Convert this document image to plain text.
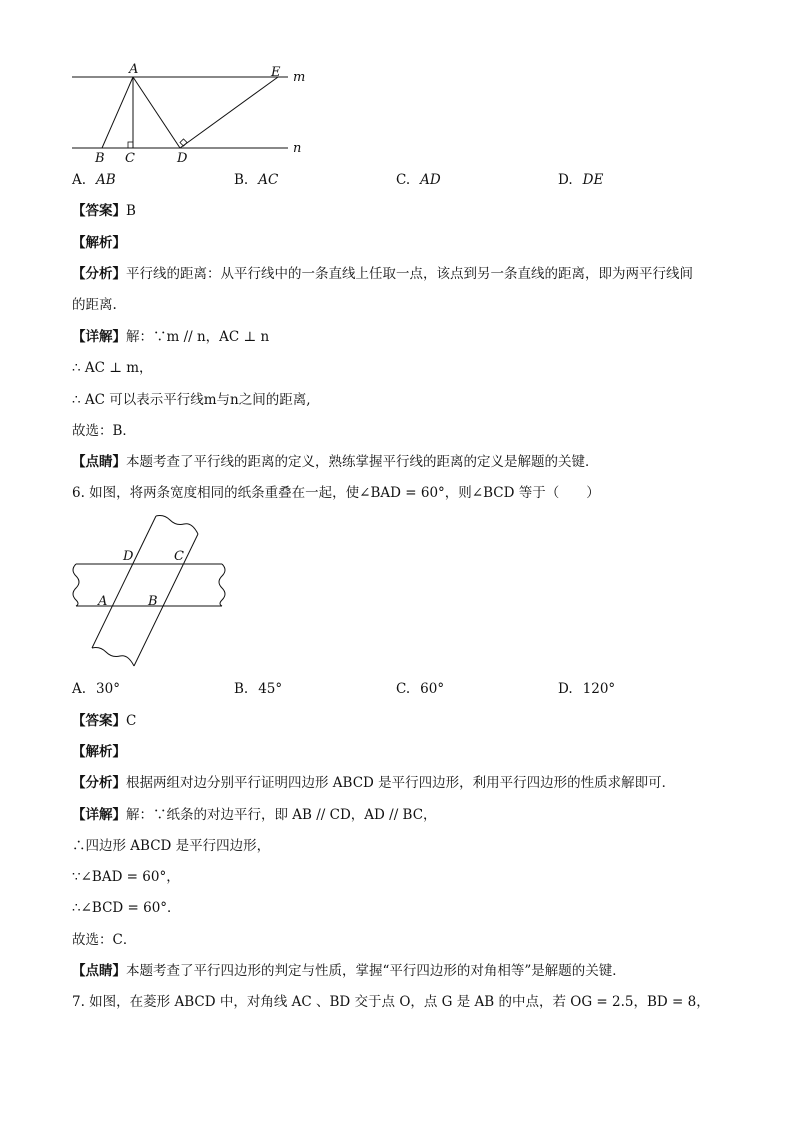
A	E m
B C	D
n
A. AB	B. AC	C. AD	D. DE
【答案】B
【解析】
【分析】平行线的距离：从平行线中的一条直线上任取一点，该点到另一条直线的距离，即为两平行线间
的距离.
【详解】解：∵m // n，AC ⊥ n
∴ AC ⊥ m，
∴ AC 可以表示平行线m与n之间的距离,
故选：B．
【点睛】本题考查了平行线的距离的定义，熟练掌握平行线的距离的定义是解题的关键．
6. 如图，将两条宽度相同的纸条重叠在一起，使∠BAD = 60°，则∠BCD 等于（　　）
D	C
A	B
A. 30°	B. 45°	C. 60°	D. 120°
【答案】C
【解析】
【分析】根据两组对边分别平行证明四边形 ABCD 是平行四边形，利用平行四边形的性质求解即可．
【详解】解：∵纸条的对边平行，即 AB // CD，AD // BC，
∴四边形 ABCD 是平行四边形，
∵∠BAD = 60°，
∴∠BCD = 60°．
故选：C．
【点睛】本题考查了平行四边形的判定与性质，掌握“平行四边形的对角相等”是解题的关键．
7. 如图，在菱形 ABCD 中，对角线 AC 、BD 交于点 O，点 G 是 AB 的中点，若 OG = 2.5，BD = 8，
